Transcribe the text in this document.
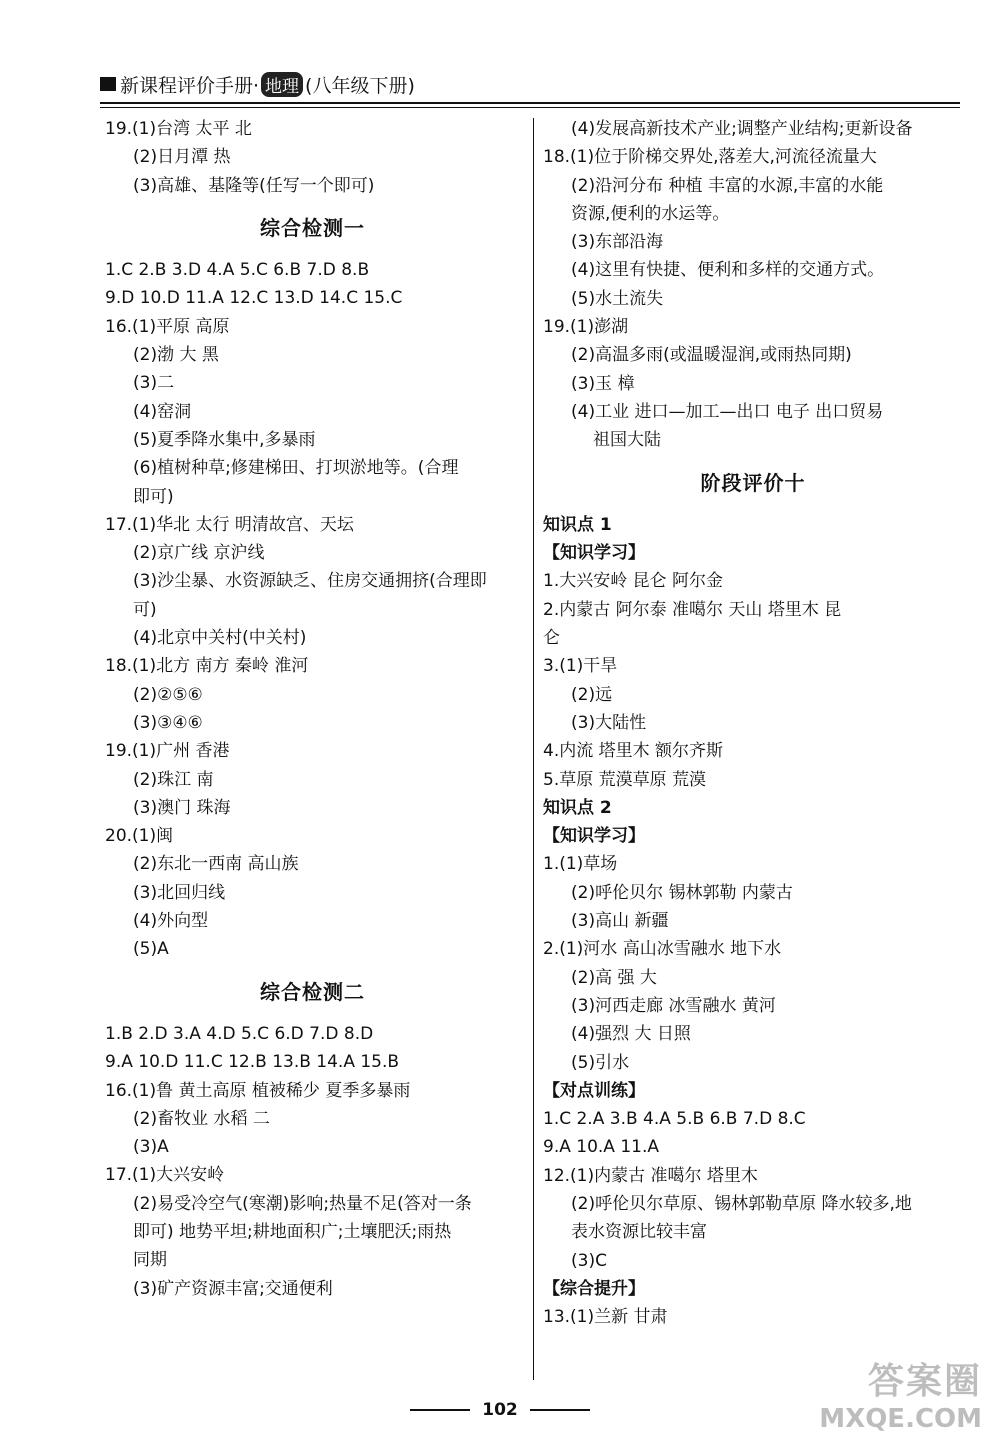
新课程评价手册· 地理 (八年级下册)
19.(1)台湾 太平 北
(2)日月潭 热
(3)高雄、基隆等(任写一个即可)
综合检测一
1.C 2.B 3.D 4.A 5.C 6.B 7.D 8.B
9.D 10.D 11.A 12.C 13.D 14.C 15.C
16.(1)平原 高原
(2)渤 大 黑
(3)二
(4)窑洞
(5)夏季降水集中,多暴雨
(6)植树种草;修建梯田、打坝淤地等。(合理
即可)
17.(1)华北 太行 明清故宫、天坛
(2)京广线 京沪线
(3)沙尘暴、水资源缺乏、住房交通拥挤(合理即
可)
(4)北京中关村(中关村)
18.(1)北方 南方 秦岭 淮河
(2)②⑤⑥
(3)③④⑥
19.(1)广州 香港
(2)珠江 南
(3)澳门 珠海
20.(1)闽
(2)东北一西南 高山族
(3)北回归线
(4)外向型
(5)A
综合检测二
1.B 2.D 3.A 4.D 5.C 6.D 7.D 8.D
9.A 10.D 11.C 12.B 13.B 14.A 15.B
16.(1)鲁 黄土高原 植被稀少 夏季多暴雨
(2)畜牧业 水稻 二
(3)A
17.(1)大兴安岭
(2)易受冷空气(寒潮)影响;热量不足(答对一条
即可) 地势平坦;耕地面积广;土壤肥沃;雨热
同期
(3)矿产资源丰富;交通便利
(4)发展高新技术产业;调整产业结构;更新设备
18.(1)位于阶梯交界处,落差大,河流径流量大
(2)沿河分布 种植 丰富的水源,丰富的水能
资源,便利的水运等。
(3)东部沿海
(4)这里有快捷、便利和多样的交通方式。
(5)水土流失
19.(1)澎湖
(2)高温多雨(或温暖湿润,或雨热同期)
(3)玉 樟
(4)工业 进口—加工—出口 电子 出口贸易
祖国大陆
阶段评价十
知识点 1
【知识学习】
1.大兴安岭 昆仑 阿尔金
2.内蒙古 阿尔泰 准噶尔 天山 塔里木 昆
仑
3.(1)干旱
(2)远
(3)大陆性
4.内流 塔里木 额尔齐斯
5.草原 荒漠草原 荒漠
知识点 2
【知识学习】
1.(1)草场
(2)呼伦贝尔 锡林郭勒 内蒙古
(3)高山 新疆
2.(1)河水 高山冰雪融水 地下水
(2)高 强 大
(3)河西走廊 冰雪融水 黄河
(4)强烈 大 日照
(5)引水
【对点训练】
1.C 2.A 3.B 4.A 5.B 6.B 7.D 8.C
9.A 10.A 11.A
12.(1)内蒙古 准噶尔 塔里木
(2)呼伦贝尔草原、锡林郭勒草原 降水较多,地
表水资源比较丰富
(3)C
【综合提升】
13.(1)兰新 甘肃
102
答案圈
MXQE.COM
